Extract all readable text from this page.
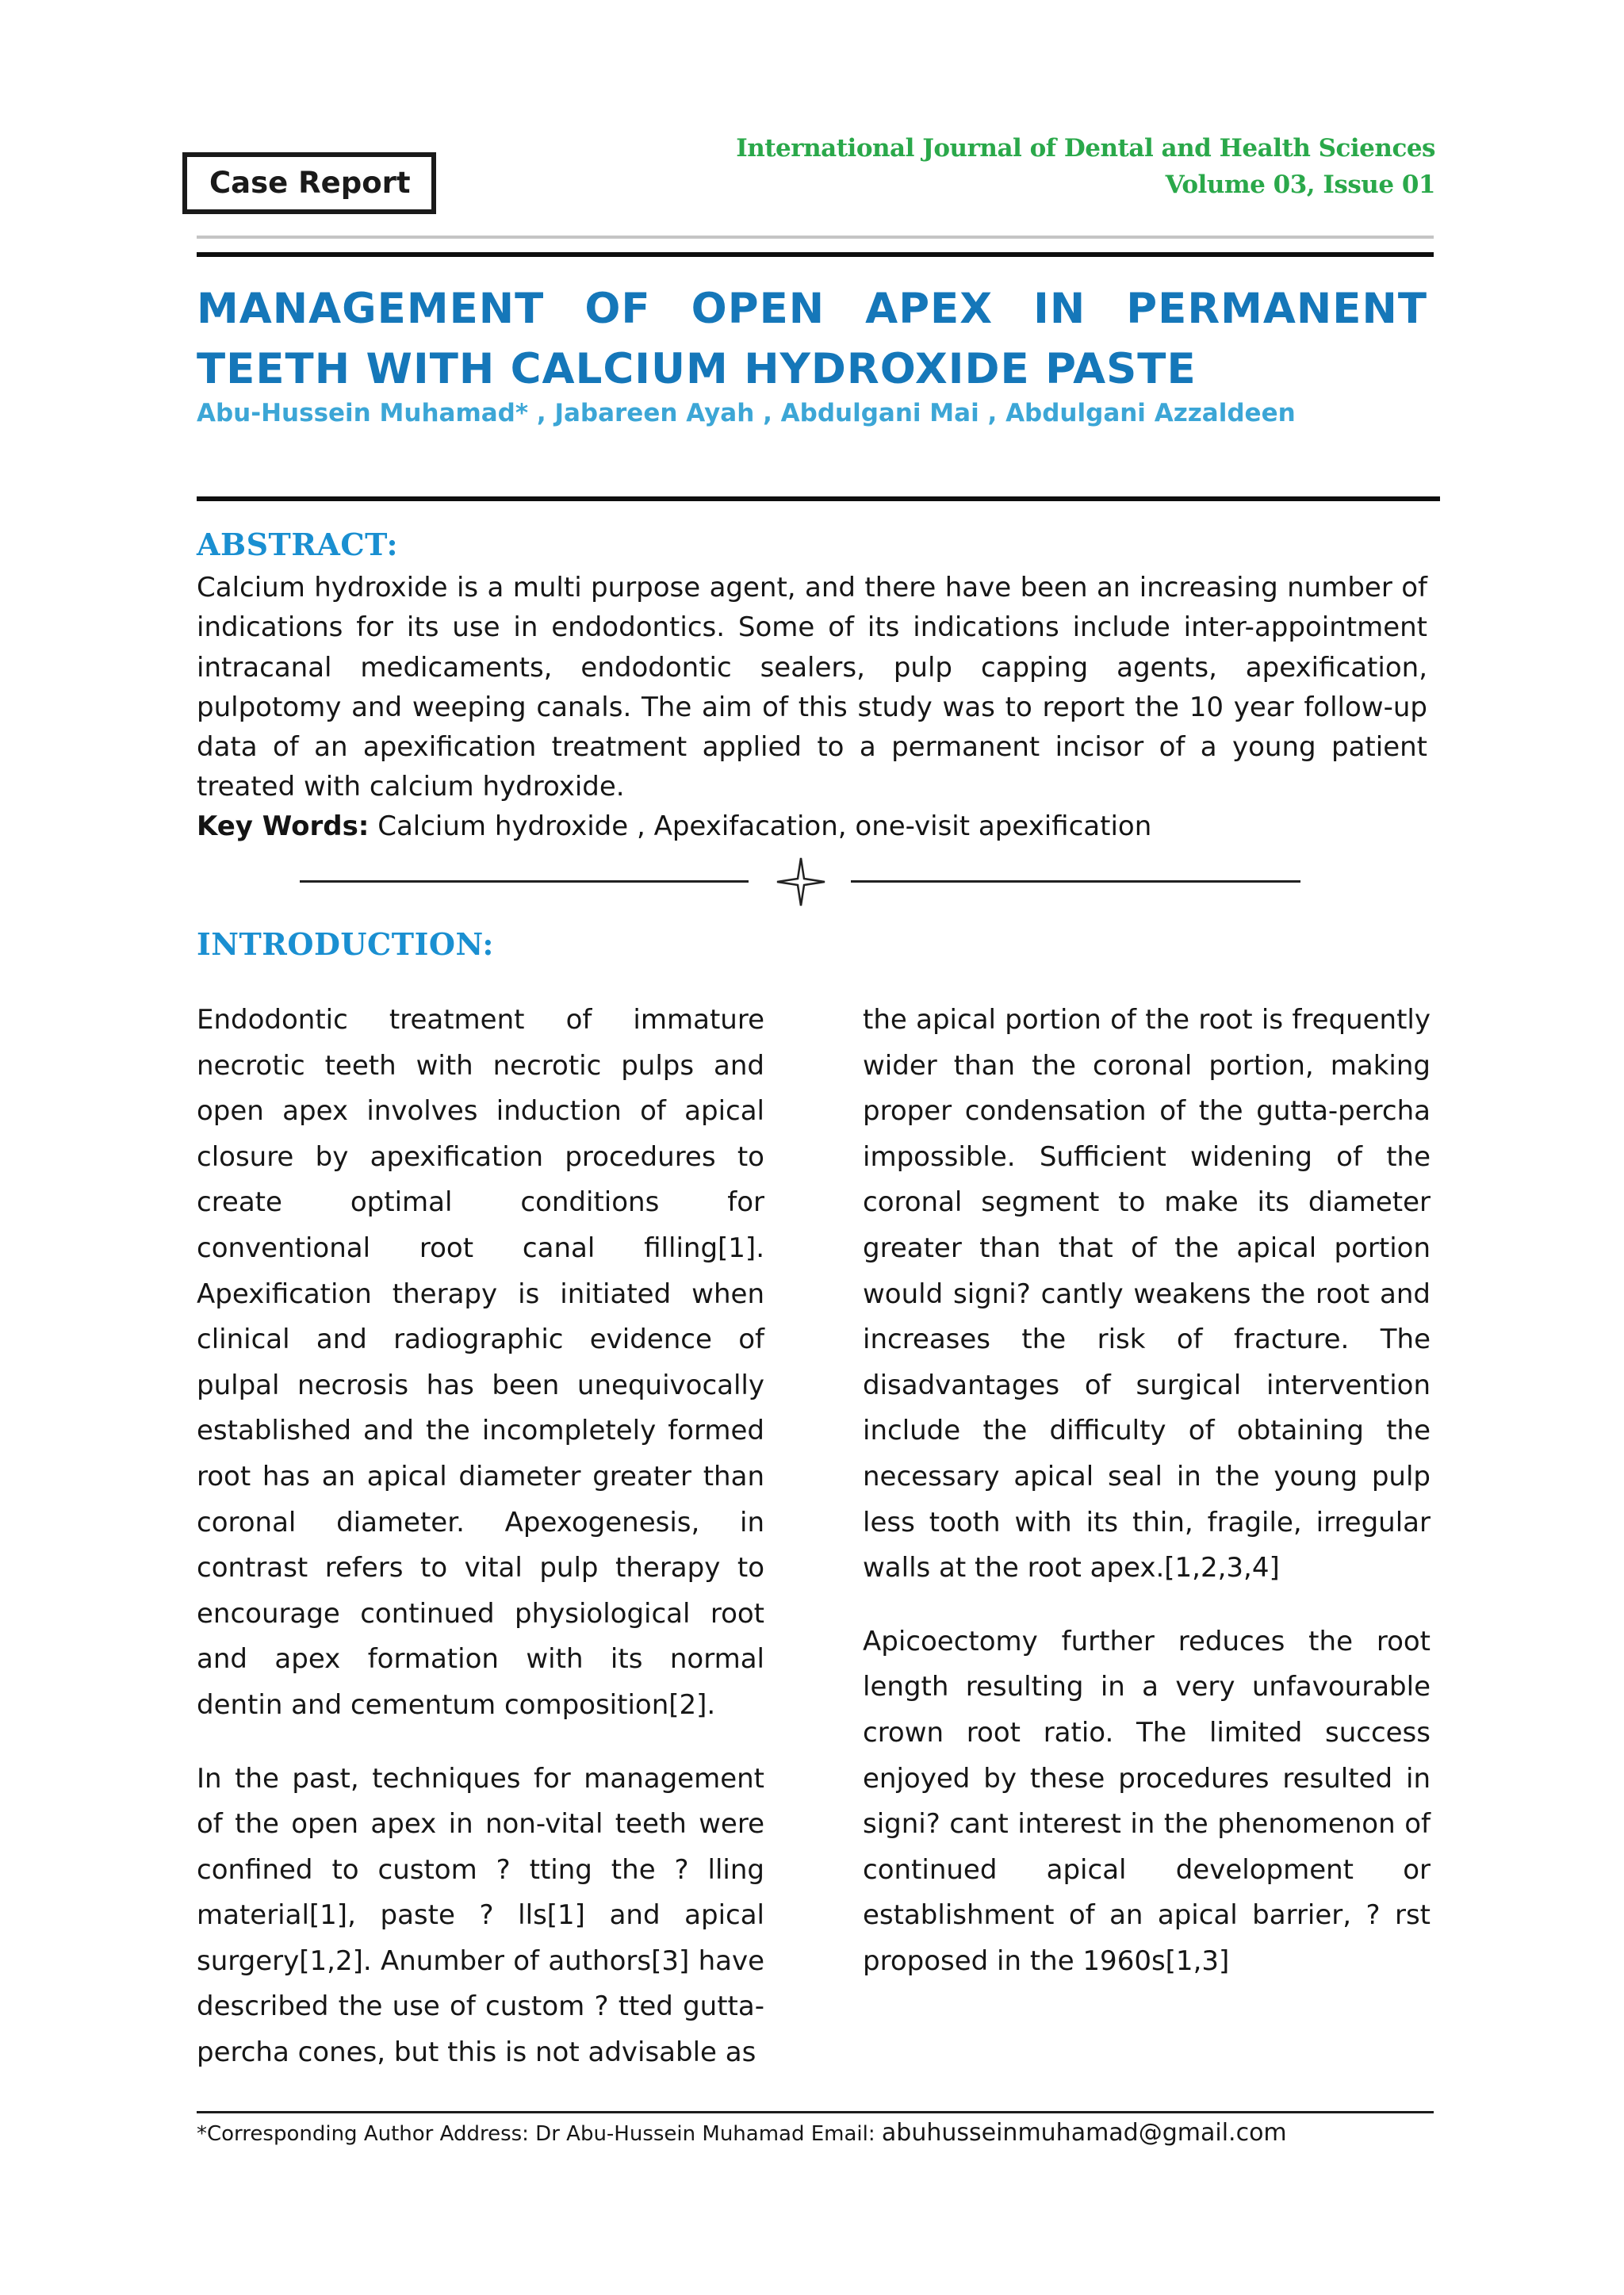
Case Report
International Journal of Dental and Health Sciences
Volume 03, Issue 01
MANAGEMENT OF OPEN APEX IN PERMANENT
TEETH WITH CALCIUM HYDROXIDE PASTE
Abu-Hussein Muhamad* , Jabareen Ayah , Abdulgani Mai , Abdulgani Azzaldeen
ABSTRACT:
Calcium hydroxide is a multi purpose agent, and there have been an increasing number of indications for its use in endodontics. Some of its indications include inter-appointment intracanal medicaments, endodontic sealers, pulp capping agents, apexification, pulpotomy and weeping canals. The aim of this study was to report the 10 year follow-up data of an apexification treatment applied to a permanent incisor of a young patient treated with calcium hydroxide.
Key Words: Calcium hydroxide , Apexifacation, one-visit apexification
INTRODUCTION:

Endodontic treatment of immature necrotic teeth with necrotic pulps and open apex involves induction of apical closure by apexification procedures to create optimal conditions for conventional root canal filling[1]. Apexification therapy is initiated when clinical and radiographic evidence of pulpal necrosis has been unequivocally established and the incompletely formed root has an apical diameter greater than coronal diameter. Apexogenesis, in contrast refers to vital pulp therapy to encourage continued physiological root and apex formation with its normal dentin and cementum composition[2].

In the past, techniques for management of the open apex in non-vital teeth were confined to custom ? tting the ? lling material[1], paste ? lls[1] and apical surgery[1,2]. Anumber of authors[3] have described the use of custom ? tted gutta-percha cones, but this is not advisable as

the apical portion of the root is frequently wider than the coronal portion, making proper condensation of the gutta-percha impossible. Sufficient widening of the coronal segment to make its diameter greater than that of the apical portion would signi? cantly weakens the root and increases the risk of fracture. The disadvantages of surgical intervention include the difficulty of obtaining the necessary apical seal in the young pulp less tooth with its thin, fragile, irregular walls at the root apex.[1,2,3,4]

Apicoectomy further reduces the root length resulting in a very unfavourable crown root ratio. The limited success enjoyed by these procedures resulted in signi? cant interest in the phenomenon of continued apical development or establishment of an apical barrier, ? rst proposed in the 1960s[1,3]

*Corresponding Author Address: Dr Abu-Hussein Muhamad Email: abuhusseinmuhamad@gmail.com
